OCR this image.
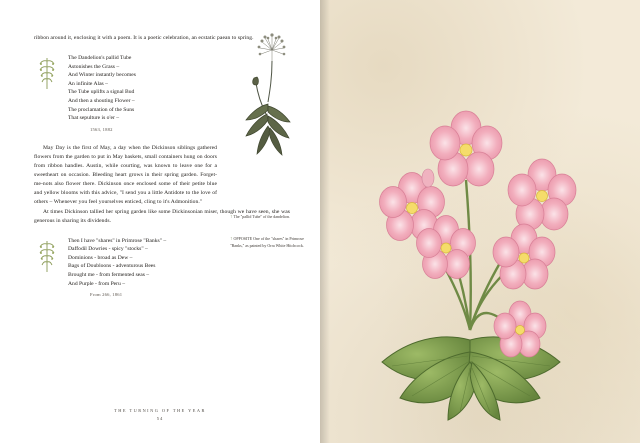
ribbon around it, enclosing it with a poem. It is a poetic celebration, an ecstatic paean to spring.

The Dandelion's pallid Tube
Astonishes the Grass –
And Winter instantly becomes
An infinite Alas –
The Tube uplifts a signal Bud
And then a shouting Flower –
The proclamation of the Suns
That sepulture is o'er –
1563, 1882

May Day is the first of May, a day when the Dickinson siblings gathered flowers from the garden to put in May baskets, small containers hung on doors from ribbon handles. Austin, while courting, was known to leave one for a sweetheart on occasion. Bleeding heart grows in their spring garden. Forget-me-nots also flower there. Dickinson once enclosed some of their petite blue and yellow blooms with this advice, "I send you a little Antidote to the love of others – Whenever you feel yourselves enticed, cling to it's Admonition."

At times Dickinson tallied her spring garden like some Dickinsonian miser, though we have seen, she was generous in sharing its dividends.

Then I have "shares" in Primrose "Banks" –
Daffodil Dowries - spicy "stocks" –
Dominions - broad as Dew –
Bags of Doubloons - adventurous Bees
Brought me - from fermented seas –
And Purple - from Peru –
From 266, 1861
↑ The "pallid Tube" of the dandelion.
↑ OPPOSITE One of the "shares" in Primrose "Banks," as painted by Orra White Hitchcock.
THE TURNING OF THE YEAR
54
